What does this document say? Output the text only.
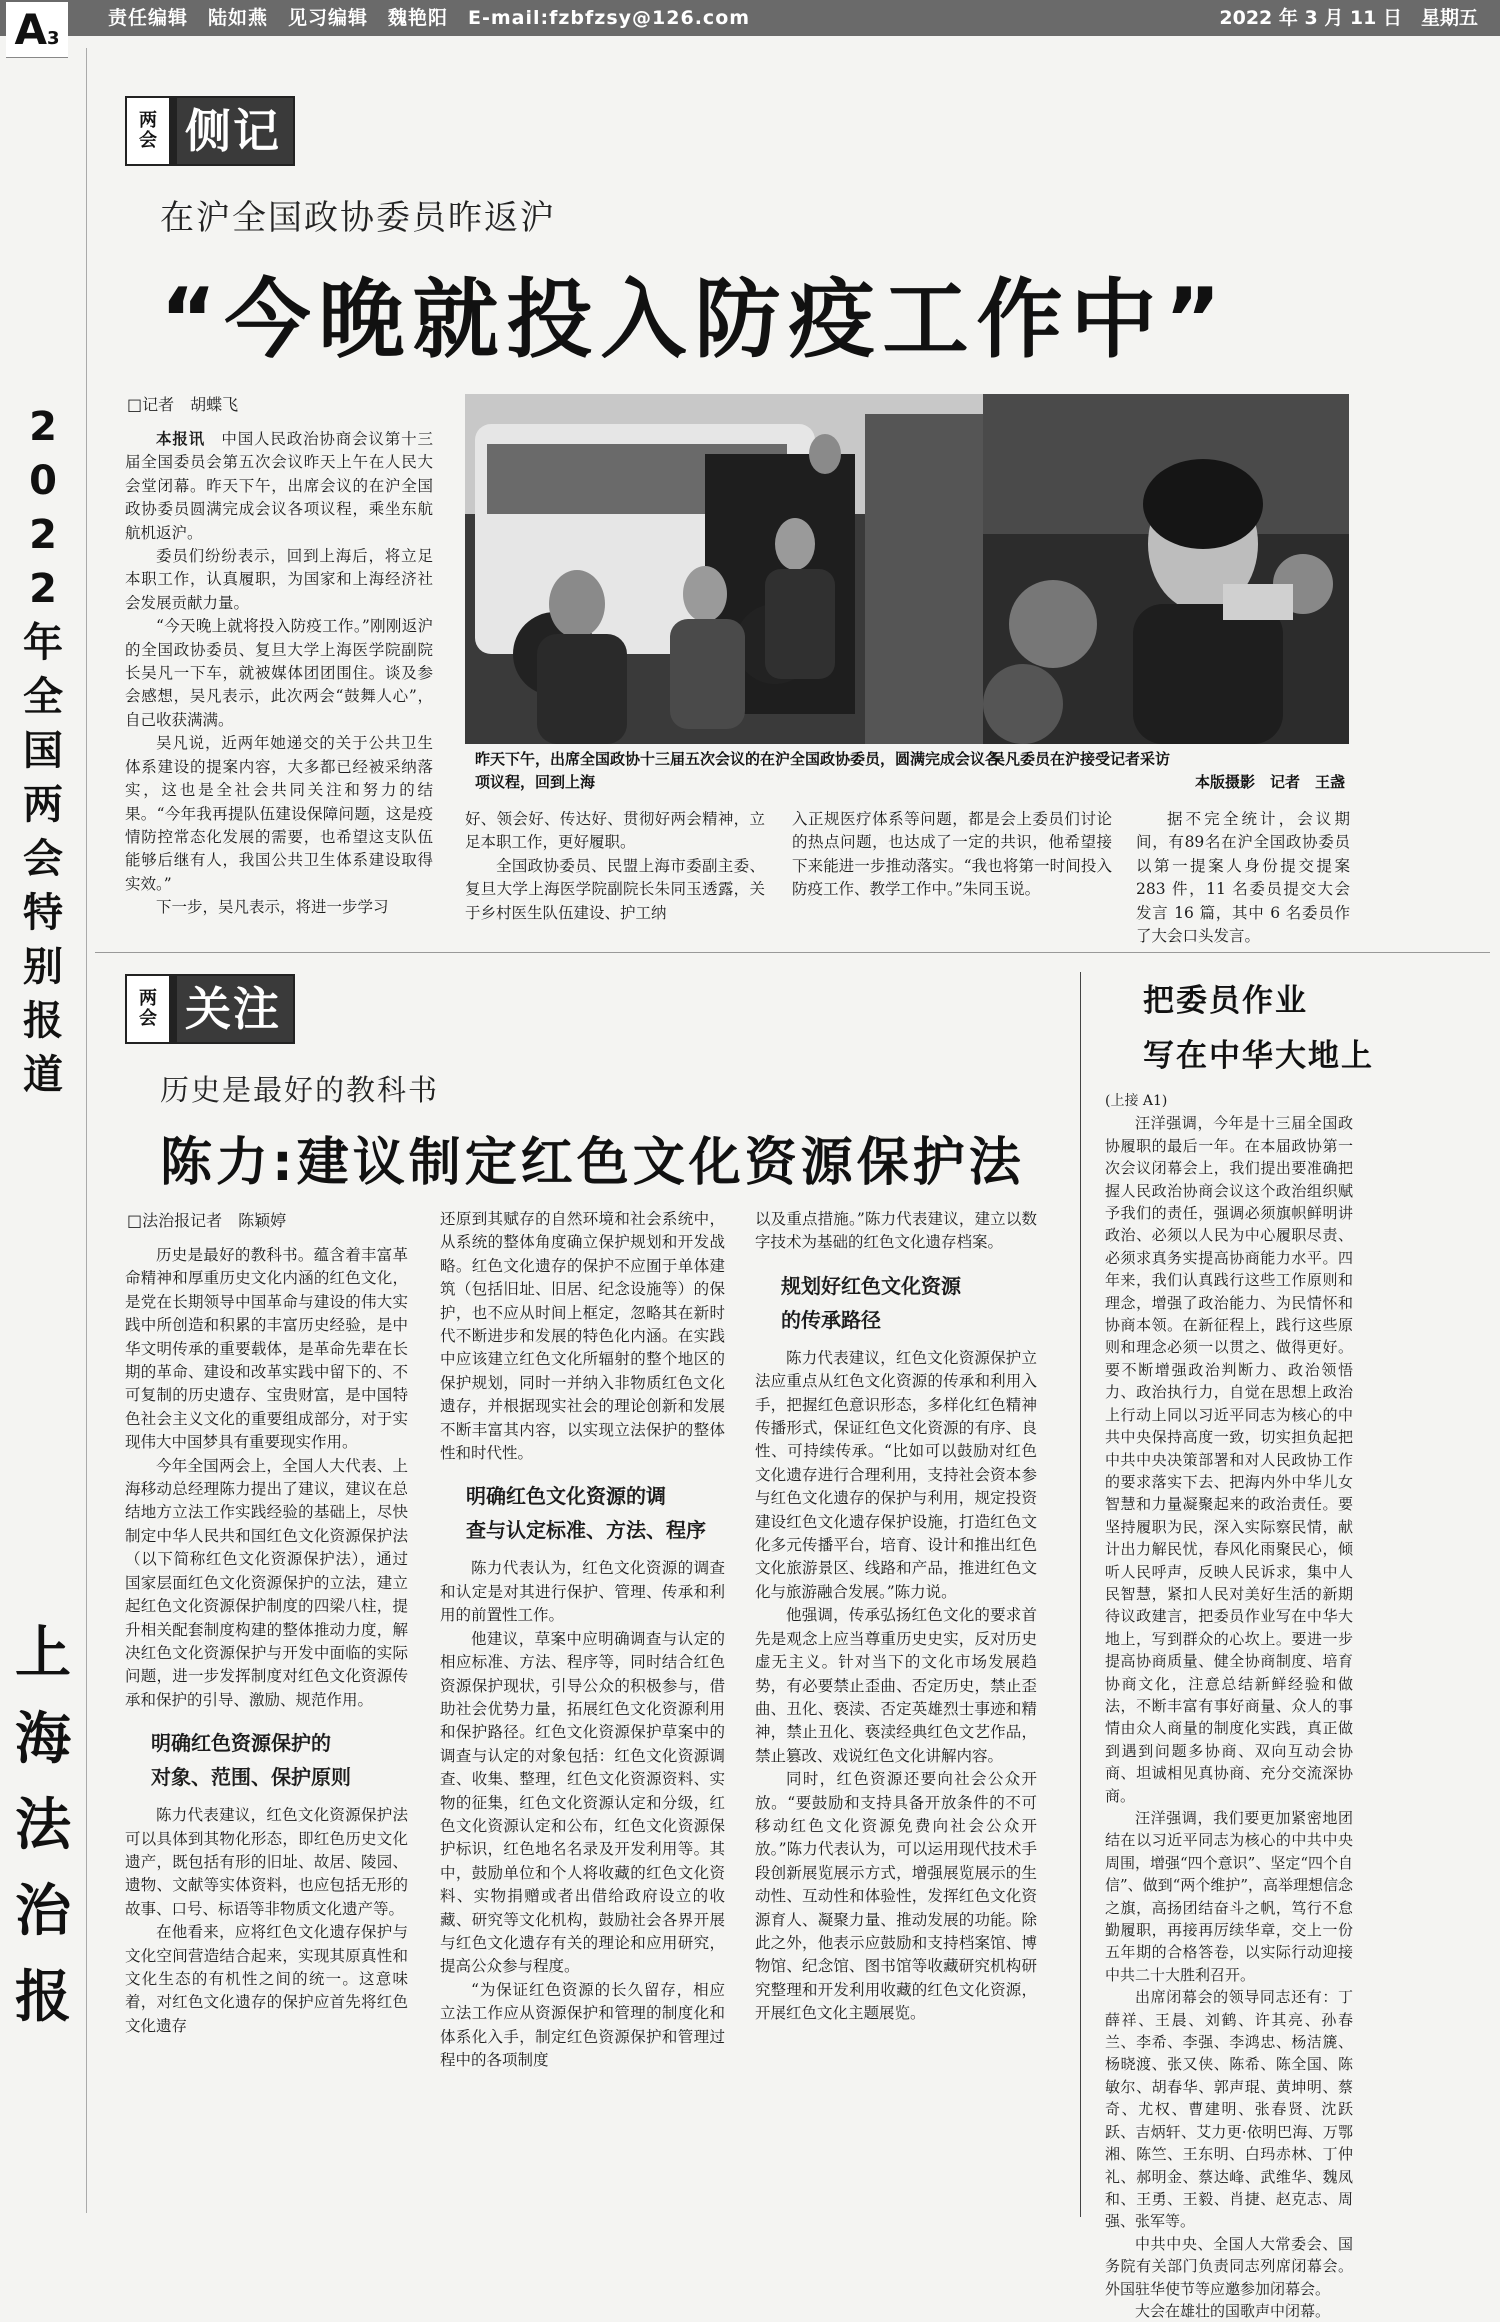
责任编辑　陆如燕　见习编辑　魏艳阳　E-mail:fzbfzsy@126.com	2022 年 3 月 11 日　星期五
A3
2
0
2
2
年
全
国
两
会
特
别
报
道
上
海
法
治
报
两
会 侧记
在沪全国政协委员昨返沪
“今晚就投入防疫工作中”
□记者　胡蝶飞

本报讯　 中国人民政治协商会议第十三届全国委员会第五次会议昨天上午在人民大会堂闭幕。昨天下午，出席会议的在沪全国政协委员圆满完成会议各项议程，乘坐东航航机返沪。

委员们纷纷表示，回到上海后，将立足本职工作，认真履职，为国家和上海经济社会发展贡献力量。

“今天晚上就将投入防疫工作。”刚刚返沪的全国政协委员、复旦大学上海医学院副院长吴凡一下车，就被媒体团团围住。谈及参会感想，吴凡表示，此次两会“鼓舞人心”，自己收获满满。

吴凡说，近两年她递交的关于公共卫生体系建设的提案内容，大多都已经被采纳落实，这也是全社会共同关注和努力的结果。“今年我再提队伍建设保障问题，这是疫情防控常态化发展的需要，也希望这支队伍能够后继有人，我国公共卫生体系建设取得实效。”

下一步，吴凡表示，将进一步学习

昨天下午，出席全国政协十三届五次会议的在沪全国政协委员，圆满完成会议各项议程，回到上海
吴凡委员在沪接受记者采访
本版摄影　记者　王盏

好、领会好、传达好、贯彻好两会精神，立足本职工作，更好履职。

全国政协委员、民盟上海市委副主委、复旦大学上海医学院副院长朱同玉透露，关于乡村医生队伍建设、护工纳

入正规医疗体系等问题，都是会上委员们讨论的热点问题，也达成了一定的共识，他希望接下来能进一步推动落实。“我也将第一时间投入防疫工作、教学工作中。”朱同玉说。

据不完全统计，会议期间，有89名在沪全国政协委员以第一提案人身份提交提案 283 件，11 名委员提交大会发言 16 篇，其中 6 名委员作了大会口头发言。

两
会 关注
历史是最好的教科书
陈力:建议制定红色文化资源保护法
□法治报记者　陈颖婷

历史是最好的教科书。蕴含着丰富革命精神和厚重历史文化内涵的红色文化，是党在长期领导中国革命与建设的伟大实践中所创造和积累的丰富历史经验，是中华文明传承的重要载体，是革命先辈在长期的革命、建设和改革实践中留下的、不可复制的历史遗存、宝贵财富，是中国特色社会主义文化的重要组成部分，对于实现伟大中国梦具有重要现实作用。

今年全国两会上，全国人大代表、上海移动总经理陈力提出了建议，建议在总结地方立法工作实践经验的基础上，尽快制定中华人民共和国红色文化资源保护法（以下简称红色文化资源保护法），通过国家层面红色文化资源保护的立法，建立起红色文化资源保护制度的四梁八柱，提升相关配套制度构建的整体推动力度，解决红色文化资源保护与开发中面临的实际问题，进一步发挥制度对红色文化资源传承和保护的引导、激励、规范作用。

明确红色资源保护的
对象、范围、保护原则

陈力代表建议，红色文化资源保护法可以具体到其物化形态，即红色历史文化遗产，既包括有形的旧址、故居、陵园、遗物、文献等实体资料，也应包括无形的故事、口号、标语等非物质文化遗产等。

在他看来，应将红色文化遗存保护与文化空间营造结合起来，实现其原真性和文化生态的有机性之间的统一。这意味着，对红色文化遗存的保护应首先将红色文化遗存

还原到其赋存的自然环境和社会系统中，从系统的整体角度确立保护规划和开发战略。红色文化遗存的保护不应囿于单体建筑（包括旧址、旧居、纪念设施等）的保护，也不应从时间上框定，忽略其在新时代不断进步和发展的特色化内涵。在实践中应该建立红色文化所辐射的整个地区的保护规划，同时一并纳入非物质红色文化遗存，并根据现实社会的理论创新和发展不断丰富其内容，以实现立法保护的整体性和时代性。

明确红色文化资源的调
查与认定标准、方法、程序

陈力代表认为，红色文化资源的调查和认定是对其进行保护、管理、传承和利用的前置性工作。

他建议，草案中应明确调查与认定的相应标准、方法、程序等，同时结合红色资源保护现状，引导公众的积极参与，借助社会优势力量，拓展红色文化资源利用和保护路径。红色文化资源保护草案中的调查与认定的对象包括：红色文化资源调查、收集、整理，红色文化资源资料、实物的征集，红色文化资源认定和分级，红色文化资源认定和公布，红色文化资源保护标识，红色地名名录及开发利用等。其中，鼓励单位和个人将收藏的红色文化资料、实物捐赠或者出借给政府设立的收藏、研究等文化机构，鼓励社会各界开展与红色文化遗存有关的理论和应用研究，提高公众参与程度。

“为保证红色资源的长久留存，相应立法工作应从资源保护和管理的制度化和体系化入手，制定红色资源保护和管理过程中的各项制度

以及重点措施。”陈力代表建议，建立以数字技术为基础的红色文化遗存档案。

规划好红色文化资源
的传承路径

陈力代表建议，红色文化资源保护立法应重点从红色文化资源的传承和利用入手，把握红色意识形态，多样化红色精神传播形式，保证红色文化资源的有序、良性、可持续传承。“比如可以鼓励对红色文化遗存进行合理利用，支持社会资本参与红色文化遗存的保护与利用，规定投资建设红色文化遗存保护设施，打造红色文化多元传播平台，培育、设计和推出红色文化旅游景区、线路和产品，推进红色文化与旅游融合发展。”陈力说。

他强调，传承弘扬红色文化的要求首先是观念上应当尊重历史史实，反对历史虚无主义。针对当下的文化市场发展趋势，有必要禁止歪曲、否定历史，禁止歪曲、丑化、亵渎、否定英雄烈士事迹和精神，禁止丑化、亵渎经典红色文艺作品，禁止篡改、戏说红色文化讲解内容。

同时，红色资源还要向社会公众开放。“要鼓励和支持具备开放条件的不可移动红色文化资源免费向社会公众开放。”陈力代表认为，可以运用现代技术手段创新展览展示方式，增强展览展示的生动性、互动性和体验性，发挥红色文化资源育人、凝聚力量、推动发展的功能。除此之外，他表示应鼓励和支持档案馆、博物馆、纪念馆、图书馆等收藏研究机构研究整理和开发利用收藏的红色文化资源，开展红色文化主题展览。

把委员作业
写在中华大地上
(上接 A1)

汪洋强调，今年是十三届全国政协履职的最后一年。在本届政协第一次会议闭幕会上，我们提出要准确把握人民政治协商会议这个政治组织赋予我们的责任，强调必须旗帜鲜明讲政治、必须以人民为中心履职尽责、必须求真务实提高协商能力水平。四年来，我们认真践行这些工作原则和理念，增强了政治能力、为民情怀和协商本领。在新征程上，践行这些原则和理念必须一以贯之、做得更好。要不断增强政治判断力、政治领悟力、政治执行力，自觉在思想上政治上行动上同以习近平同志为核心的中共中央保持高度一致，切实担负起把中共中央决策部署和对人民政协工作的要求落实下去、把海内外中华儿女智慧和力量凝聚起来的政治责任。要坚持履职为民，深入实际察民情，献计出力解民忧，春风化雨聚民心，倾听人民呼声，反映人民诉求，集中人民智慧，紧扣人民对美好生活的新期待议政建言，把委员作业写在中华大地上，写到群众的心坎上。要进一步提高协商质量、健全协商制度、培育协商文化，注意总结新鲜经验和做法，不断丰富有事好商量、众人的事情由众人商量的制度化实践，真正做到遇到问题多协商、双向互动会协商、坦诚相见真协商、充分交流深协商。

汪洋强调，我们要更加紧密地团结在以习近平同志为核心的中共中央周围，增强“四个意识”、坚定“四个自信”、做到“两个维护”，高举理想信念之旗，高扬团结奋斗之帆，笃行不怠勤履职，再接再厉续华章，交上一份五年期的合格答卷，以实际行动迎接中共二十大胜利召开。

出席闭幕会的领导同志还有：丁薛祥、王晨、刘鹤、许其亮、孙春兰、李希、李强、李鸿忠、杨洁篪、杨晓渡、张又侠、陈希、陈全国、陈敏尔、胡春华、郭声琨、黄坤明、蔡奇、尤权、曹建明、张春贤、沈跃跃、吉炳轩、艾力更·依明巴海、万鄂湘、陈竺、王东明、白玛赤林、丁仲礼、郝明金、蔡达峰、武维华、魏凤和、王勇、王毅、肖捷、赵克志、周强、张军等。

中共中央、全国人大常委会、国务院有关部门负责同志列席闭幕会。外国驻华使节等应邀参加闭幕会。

大会在雄壮的国歌声中闭幕。
